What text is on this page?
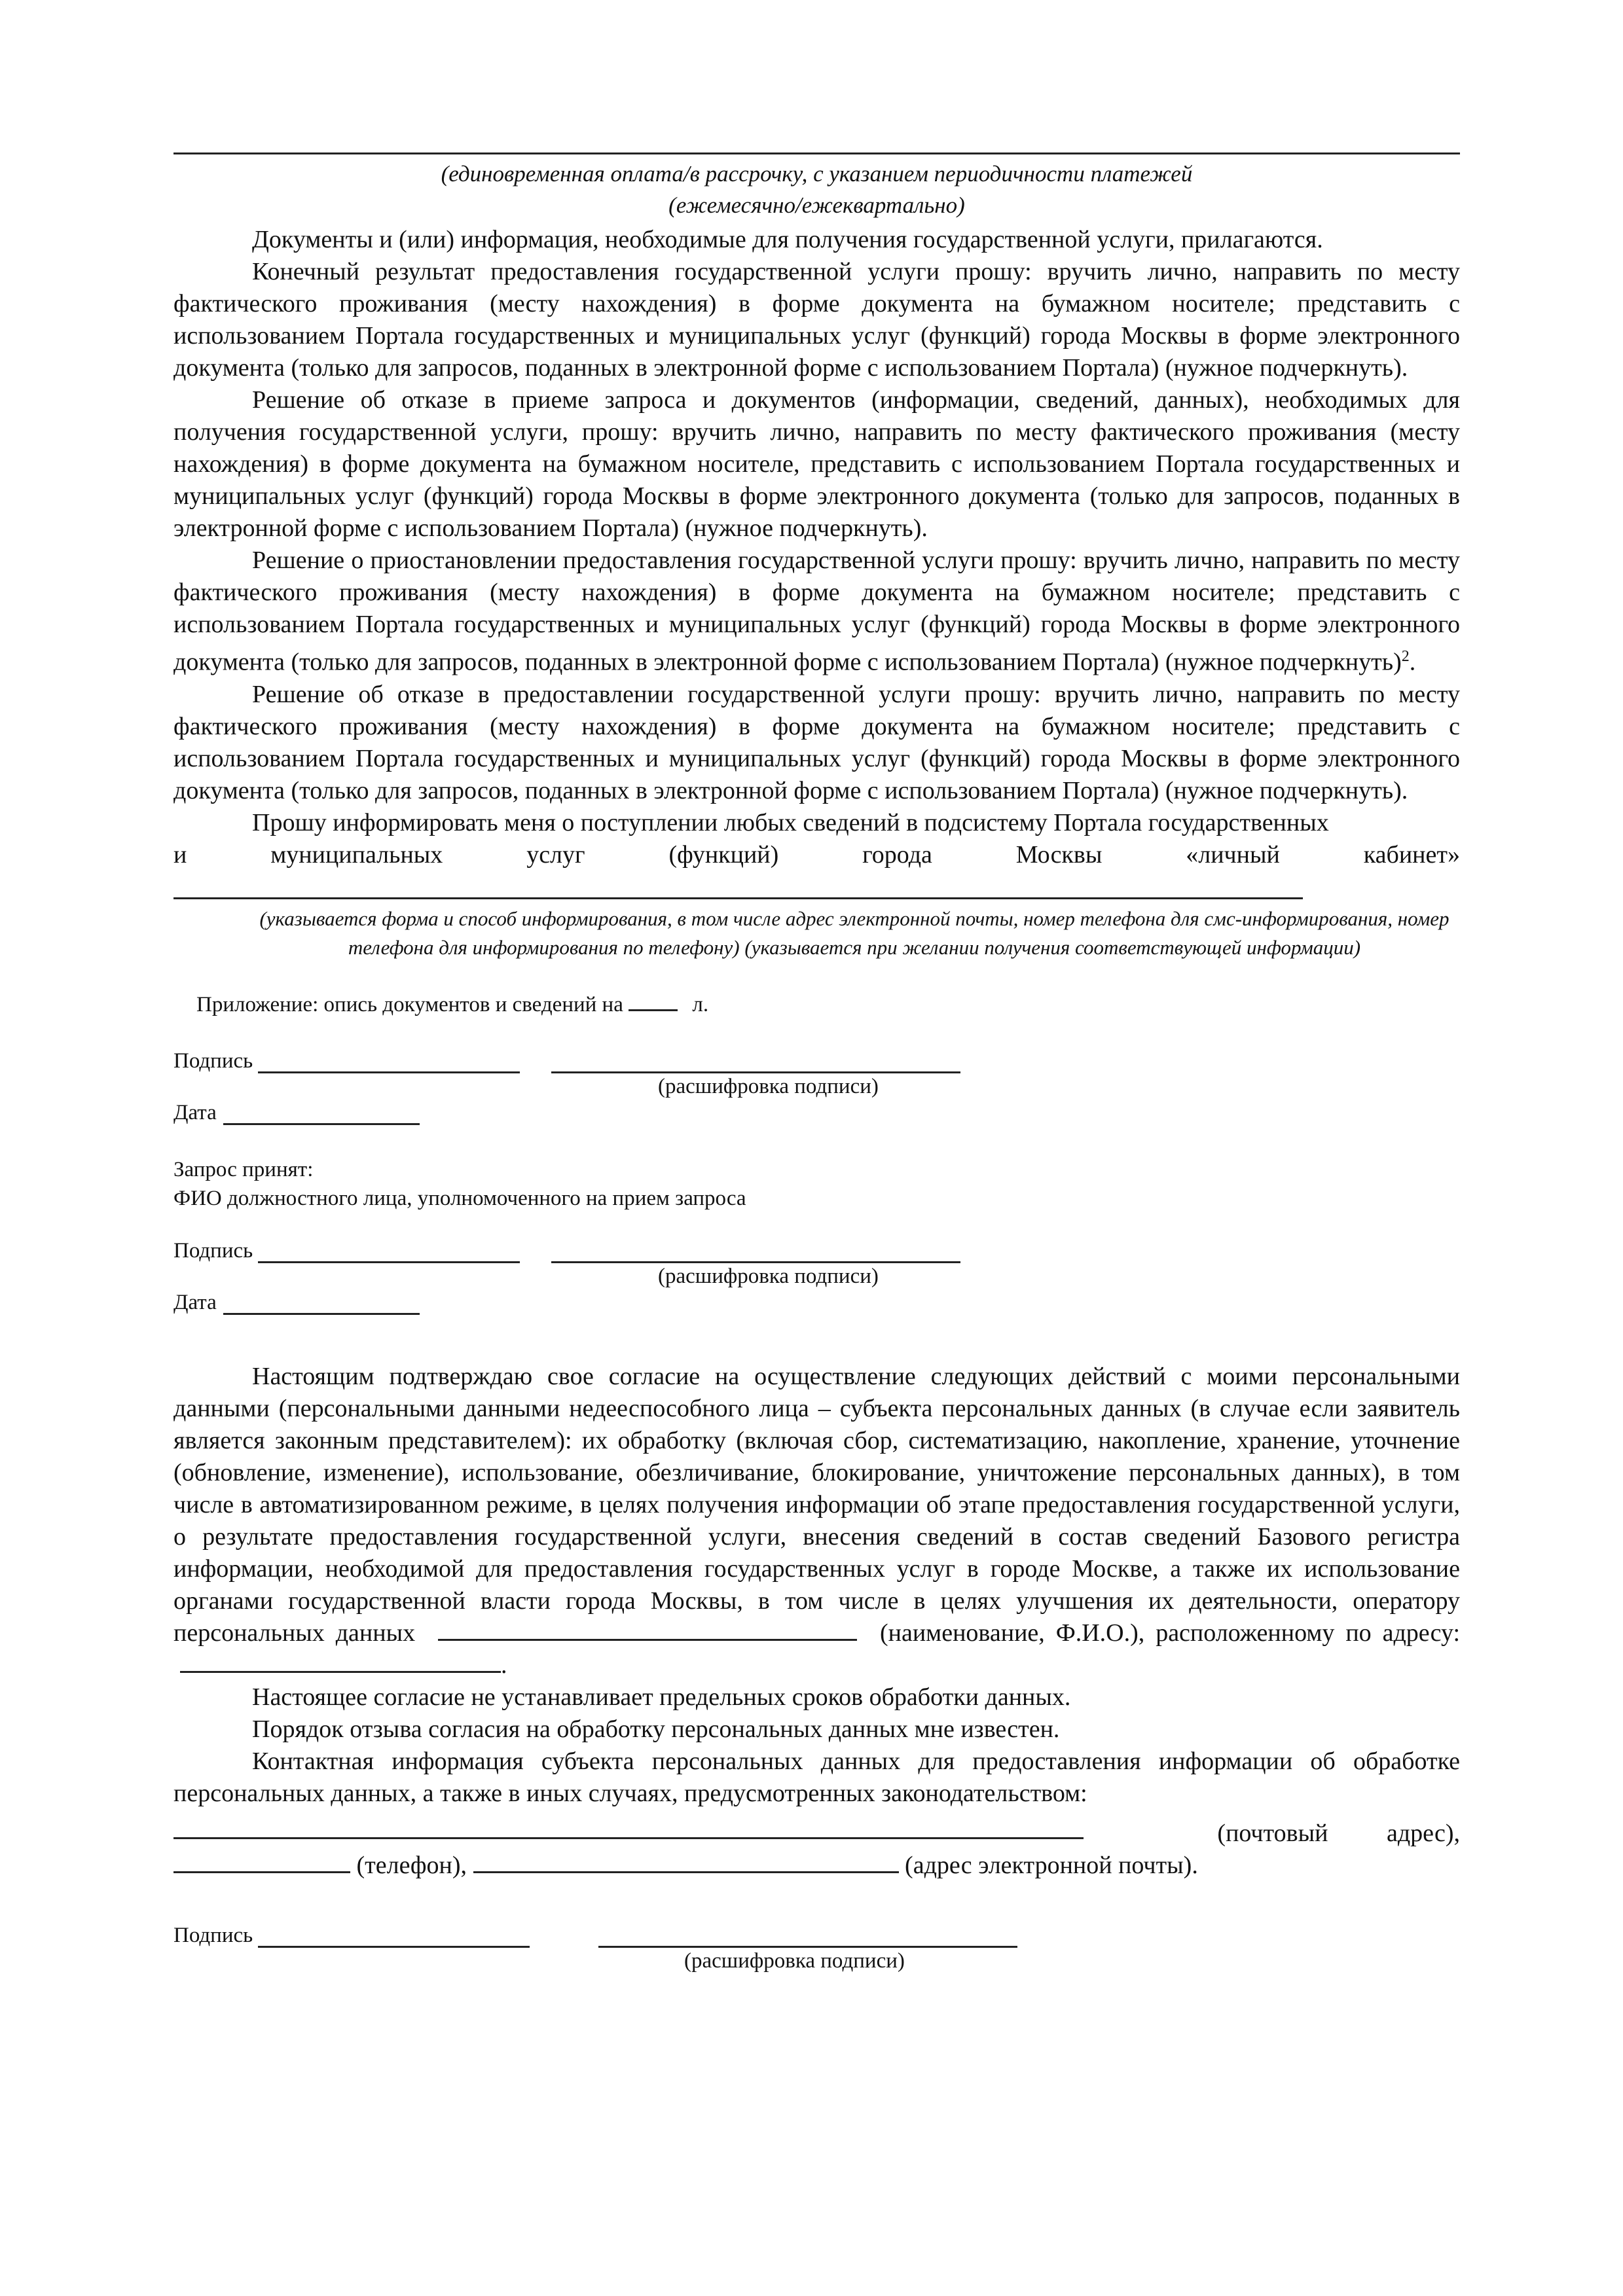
(единовременная оплата/в рассрочку, с указанием периодичности платежей
(ежемесячно/ежеквартально)

Документы и (или) информация, необходимые для получения государственной услуги, прилагаются.

Конечный результат предоставления государственной услуги прошу: вручить лично, направить по месту фактического проживания (месту нахождения) в форме документа на бумажном носителе; представить с использованием Портала государственных и муниципальных услуг (функций) города Москвы в форме электронного документа (только для запросов, поданных в электронной форме с использованием Портала) (нужное подчеркнуть).

Решение об отказе в приеме запроса и документов (информации, сведений, данных), необходимых для получения государственной услуги, прошу: вручить лично, направить по месту фактического проживания (месту нахождения) в форме документа на бумажном носителе, представить с использованием Портала государственных и муниципальных услуг (функций) города Москвы в форме электронного документа (только для запросов, поданных в электронной форме с использованием Портала) (нужное подчеркнуть).

Решение о приостановлении предоставления государственной услуги прошу: вручить лично, направить по месту фактического проживания (месту нахождения) в форме документа на бумажном носителе; представить с использованием Портала государственных и муниципальных услуг (функций) города Москвы в форме электронного документа (только для запросов, поданных в электронной форме с использованием Портала) (нужное подчеркнуть)$^2$.

Решение об отказе в предоставлении государственной услуги прошу: вручить лично, направить по месту фактического проживания (месту нахождения) в форме документа на бумажном носителе; представить с использованием Портала государственных и муниципальных услуг (функций) города Москвы в форме электронного документа (только для запросов, поданных в электронной форме с использованием Портала) (нужное подчеркнуть).

Прошу информировать меня о поступлении любых сведений в подсистему Портала государственных

и	муниципальных	услуг	(функций)	города	Москвы	«личный	кабинет»
(указывается форма и способ информирования, в том числе адрес электронной почты, номер телефона для смс-информирования, номер телефона для информирования по телефону) (указывается при желании получения соответствующей информации)
Приложение: опись документов и сведений на	л.
Подпись
(расшифровка подписи)
Дата
Запрос принят:
ФИО должностного лица, уполномоченного на прием запроса
Подпись
(расшифровка подписи)
Дата

Настоящим подтверждаю свое согласие на осуществление следующих действий с моими персональными данными (персональными данными недееспособного лица – субъекта персональных данных (в случае если заявитель является законным представителем): их обработку (включая сбор, систематизацию, накопление, хранение, уточнение (обновление, изменение), использование, обезличивание, блокирование, уничтожение персональных данных), в том числе в автоматизированном режиме, в целях получения информации об этапе предоставления государственной услуги, о результате предоставления государственной услуги, внесения сведений в состав сведений Базового регистра информации, необходимой для предоставления государственных услуг в городе Москве, а также их использование органами государственной власти города Москвы, в том числе в целях улучшения их деятельности, оператору персональных данных	(наименование, Ф.И.О.), расположенному по адресу: .

Настоящее согласие не устанавливает предельных сроков обработки данных.

Порядок отзыва согласия на обработку персональных данных мне известен.

Контактная информация субъекта персональных данных для предоставления информации об обработке персональных данных, а также в иных случаях, предусмотренных законодательством:

(почтовый адрес),
(телефон),	(адрес электронной почты).
Подпись
(расшифровка подписи)
